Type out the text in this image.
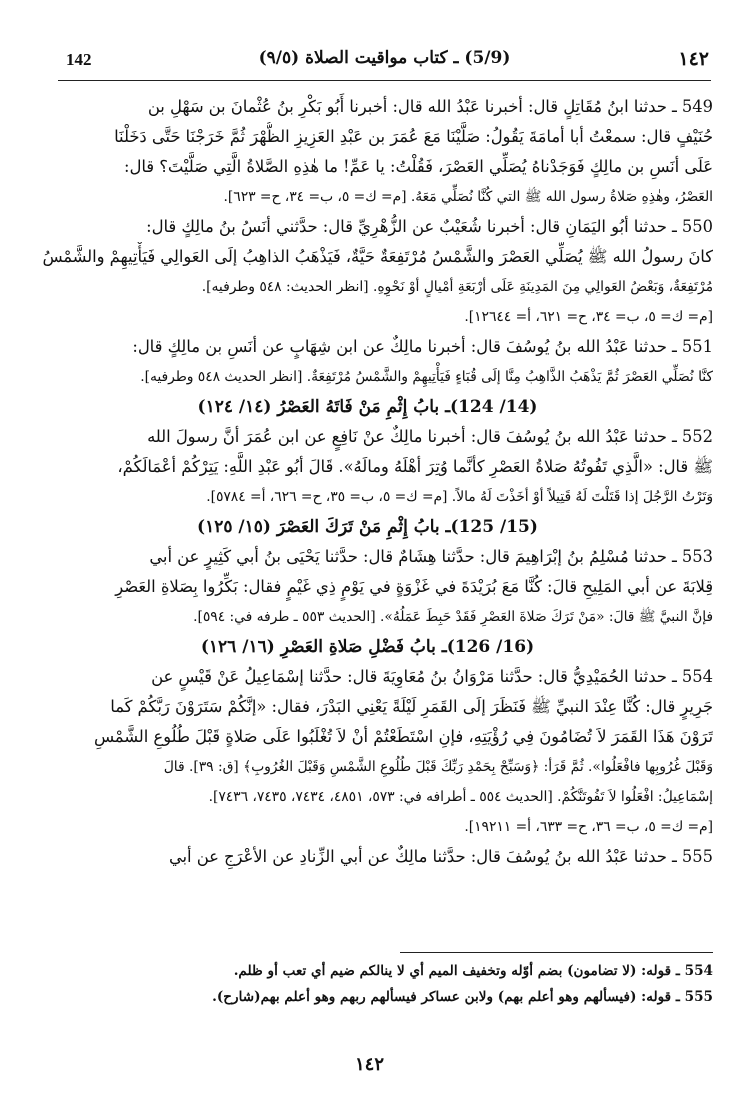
142	(5/9) ـ كتاب مواقيت الصلاة (٩/٥)	١٤٢
549 ـ حدثنا ابنُ مُقَاتِلٍ قال: أخبرنا عَبْدُ الله قال: أخبرنا أَبُو بَكْرِ بنُ عُثْمانَ بن سَهْلِ بن
حُنَيْفٍ قال: سمعْتُ أبا أمامَةَ يَقُولُ: صَلَّيْنَا مَعَ عُمَرَ بن عَبْدِ العَزِيزِ الظُّهْرَ ثُمَّ خَرَجْنَا حَتَّى دَخَلْنَا
عَلَى أنَسِ بن مالِكٍ فَوَجَدْناهُ يُصَلِّي العَصْرَ، فَقُلْتُ: يا عَمِّ! ما هٰذِهِ الصَّلاةُ الَّتِي صَلَّيْتَ؟ قال:
العَصْرُ، وهٰذِهِ صَلاةُ رسول الله ﷺ التي كُنَّا نُصَلِّي مَعَهُ. [م= ك= ٥، ب= ٣٤، ح= ٦٢٣].
550 ـ حدثنا أبُو اليَمَانِ قال: أخبرنا شُعَيْبٌ عن الزُّهْرِيِّ قال: حدَّثني أنَسُ بنُ مالِكٍ قال:
كانَ رسولُ الله ﷺ يُصَلِّي العَصْرَ والشَّمْسُ مُرْتَفِعَةٌ حَيَّةٌ، فَيَذْهَبُ الذاهِبُ إلَى العَوالِي فَيَأْتِيهِمْ والشَّمْسُ
مُرْتَفِعَةٌ، وَبَعْضُ العَوالِي مِنَ المَدِينَةِ عَلَى أرْبَعَةِ أمْيالٍ أوْ نَحْوِهِ. [انظر الحديث: ٥٤٨ وطرفيه].
[م= ك= ٥، ب= ٣٤، ح= ٦٢١، أ= ١٢٦٤٤].
551 ـ حدثنا عَبْدُ الله بنُ يُوسُفَ قال: أخبرنا مالِكٌ عن ابن شِهَابٍ عن أنَسِ بن مالِكٍ قال:
كنَّا نُصَلِّي العَصْرَ ثُمَّ يَذْهَبُ الذَّاهِبُ مِنَّا إلَى قُبَاءٍ فَيَأْتِيهِمْ والشَّمْسُ مُرْتَفِعَةٌ. [انظر الحديث ٥٤٨ وطرفيه].
(14/ 124)ـ بابُ إِثْمِ مَنْ فَاتَهُ العَصْرُ (١٤/ ١٢٤)
552 ـ حدثنا عَبْدُ الله بنُ يُوسُفَ قال: أخبرنا مالِكٌ عنْ نَافِعٍ عن ابن عُمَرَ أنَّ رسولَ الله
ﷺ قال: «الَّذِي تَفُوتُهُ صَلاةُ العَصْرِ كأنَّما وُتِرَ أهْلَهُ ومالَهُ». قَالَ أبُو عَبْدِ اللَّهِ: يَتِرْكُمْ أعْمَالَكُمْ،
وَتَرْتُ الرَّجُلَ إذا قَتَلْتَ لَهُ قَتِيلاً أوْ أخَذْتَ لَهُ مالاً. [م= ك= ٥، ب= ٣٥، ح= ٦٢٦، أ= ٥٧٨٤].
(15/ 125)ـ بابُ إِثْمِ مَنْ تَرَكَ العَصْرَ (١٥/ ١٢٥)
553 ـ حدثنا مُسْلِمُ بنُ إبْرَاهِيمَ قال: حدَّثنا هِشَامٌ قال: حدَّثنا يَحْيَى بنُ أبي كَثِيرٍ عن أبي
قِلابَةَ عن أبي المَلِيحِ قالَ: كُنَّا مَعَ بُرَيْدَةَ في غَزْوَةٍ في يَوْمٍ ذِي غَيْمٍ فقال: بَكِّرُوا بِصَلاةِ العَصْرِ
فإنَّ النبيَّ ﷺ قالَ: «مَنْ تَرَكَ صَلاةَ العَصْرِ فَقَدْ حَبِطَ عَمَلُهُ». [الحديث ٥٥٣ ـ طرفه في: ٥٩٤].
(16/ 126)ـ بابُ فَضْلِ صَلاةِ العَصْرِ (١٦/ ١٢٦)
554 ـ حدثنا الحُمَيْدِيُّ قال: حدَّثنا مَرْوَانُ بنُ مُعَاوِيَةَ قال: حدَّثنا إسْمَاعِيلُ عَنْ قَيْسٍ عن
جَرِيرٍ قال: كُنَّا عِنْدَ النبيِّ ﷺ فَنَظَرَ إلَى القَمَرِ لَيْلَةً يَعْنِي البَدْرَ، فقال: «إنَّكُمْ سَتَرَوْنَ رَبَّكُمْ كَما
تَرَوْنَ هَذَا القَمَرَ لاَ تُضَامُونَ فِي رُؤْيَتِهِ، فإنِ اسْتَطَعْتُمْ أنْ لاَ تُغْلَبُوا عَلَى صَلاةٍ قَبْلَ طُلُوعِ الشَّمْسِ
وَقَبْلَ غُرُوبِها فافْعَلُوا». ثُمَّ قَرَأ: ﴿وَسَبِّحْ بِحَمْدِ رَبِّكَ قَبْلَ طُلُوعِ الشَّمْسِ وَقَبْلَ الغُرُوبِ﴾ [ق: ٣٩]. قالَ
إسْمَاعِيلُ: افْعَلُوا لاَ تَفُوتَنَّكُمْ. [الحديث ٥٥٤ ـ أطرافه في: ٥٧٣، ٤٨٥١، ٧٤٣٤، ٧٤٣٥، ٧٤٣٦].
[م= ك= ٥، ب= ٣٦، ح= ٦٣٣، أ= ١٩٢١١].
555 ـ حدثنا عَبْدُ الله بنُ يُوسُفَ قال: حدَّثنا مالِكٌ عن أبي الزِّنادِ عن الأعْرَجِ عن أبي
554 ـ قوله: (لا تضامون) بضم أوّله وتخفيف الميم أي لا ينالكم ضيم أي تعب أو ظلم.
555 ـ قوله: (فيسألهم وهو أعلم بهم) ولابن عساكر فيسألهم ربهم وهو أعلم بهم(شارح).
١٤٢
